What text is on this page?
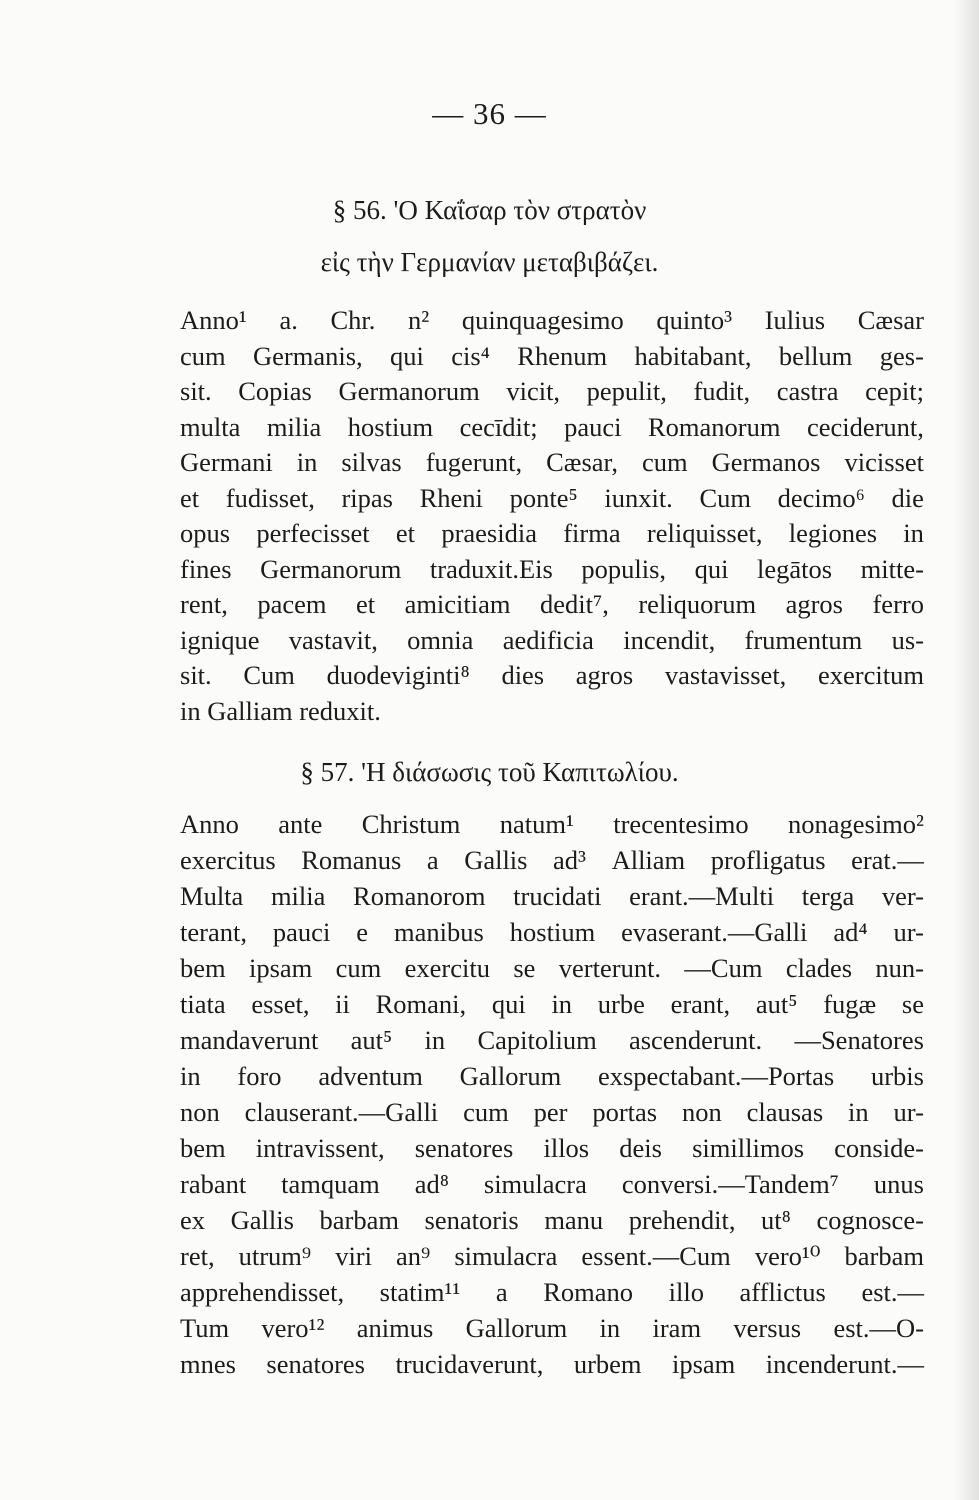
— 36 —
§ 56. 'Ο Καΐσαρ τὸν στρατὸν
εἰς τὴν Γερμανίαν μεταβιβάζει.
Anno¹ a. Chr. n² quinquagesimo quinto³ Iulius Cæsar
cum Germanis, qui cis⁴ Rhenum habitabant, bellum ges-
sit. Copias Germanorum vicit, pepulit, fudit, castra cepit;
multa milia hostium cecīdit; pauci Romanorum ceciderunt,
Germani in silvas fugerunt, Cæsar, cum Germanos vicisset
et fudisset, ripas Rheni ponte⁵ iunxit. Cum decimo⁶ die
opus perfecisset et praesidia firma reliquisset, legiones in
fines Germanorum traduxit.Eis populis, qui legātos mitte-
rent, pacem et amicitiam dedit⁷, reliquorum agros ferro
ignique vastavit, omnia aedificia incendit, frumentum us-
sit. Cum duodeviginti⁸ dies agros vastavisset, exercitum
in Galliam reduxit.
§ 57. 'Η διάσωσις τοῦ Καπιτωλίου.
Anno ante Christum natum¹ trecentesimo nonagesimo²
exercitus Romanus a Gallis ad³ Alliam profligatus erat.—
Multa milia Romanorom trucidati erant.—Multi terga ver-
terant, pauci e manibus hostium evaserant.—Galli ad⁴ ur-
bem ipsam cum exercitu se verterunt. —Cum clades nun-
tiata esset, ii Romani, qui in urbe erant, aut⁵ fugæ se
mandaverunt aut⁵ in Capitolium ascenderunt. —Senatores
in foro adventum Gallorum exspectabant.—Portas urbis
non clauserant.—Galli cum per portas non clausas in ur-
bem intravissent, senatores illos deis simillimos conside-
rabant tamquam ad⁸ simulacra conversi.—Tandem⁷ unus
ex Gallis barbam senatoris manu prehendit, ut⁸ cognosce-
ret, utrum⁹ viri an⁹ simulacra essent.—Cum vero¹⁰ barbam
apprehendisset, statim¹¹ a Romano illo afflictus est.—
Tum vero¹² animus Gallorum in iram versus est.—O-
mnes senatores trucidaverunt, urbem ipsam incenderunt.—
